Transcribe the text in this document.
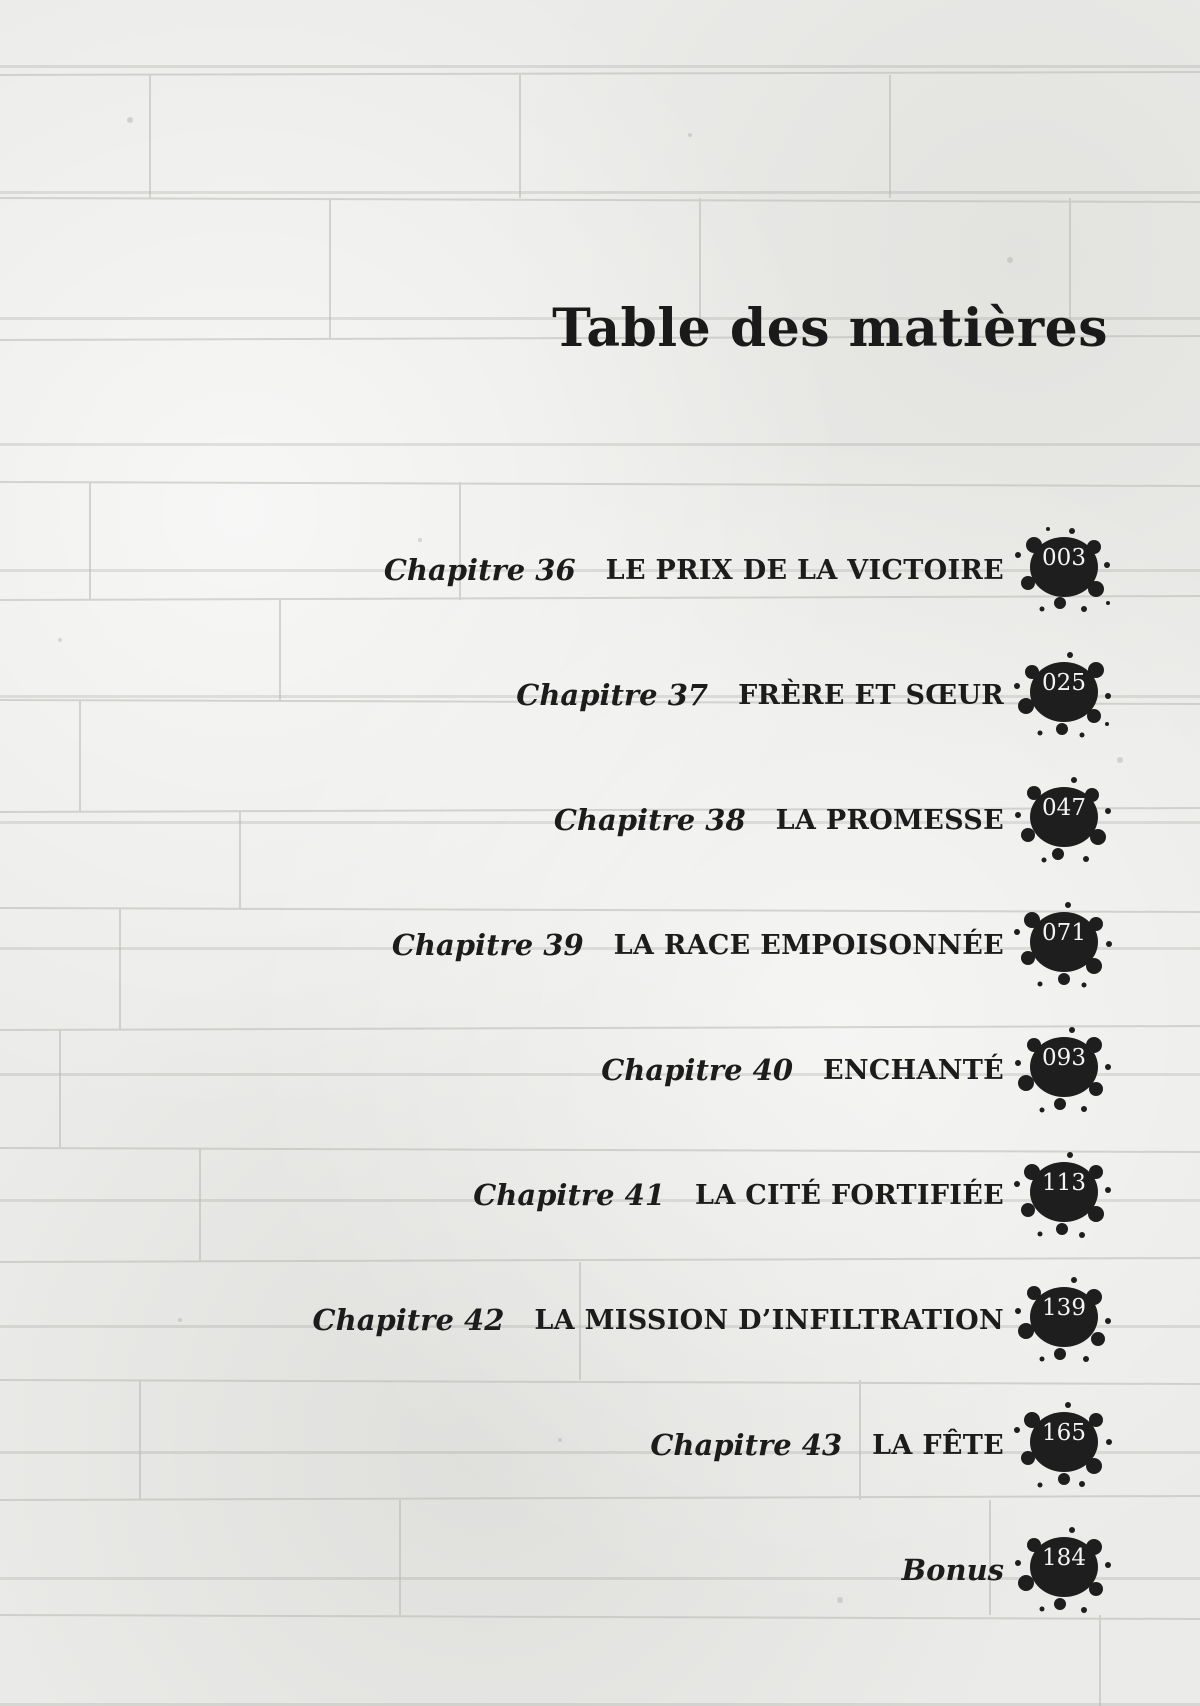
Table des matières
Chapitre 36 LE PRIX DE LA VICTOIRE	003
Chapitre 37 FRÈRE ET SŒUR	025
Chapitre 38 LA PROMESSE	047
Chapitre 39 LA RACE EMPOISONNÉE	071
Chapitre 40 ENCHANTÉ	093
Chapitre 41 LA CITÉ FORTIFIÉE	113
Chapitre 42 LA MISSION D’INFILTRATION	139
Chapitre 43 LA FÊTE	165
Bonus	184
